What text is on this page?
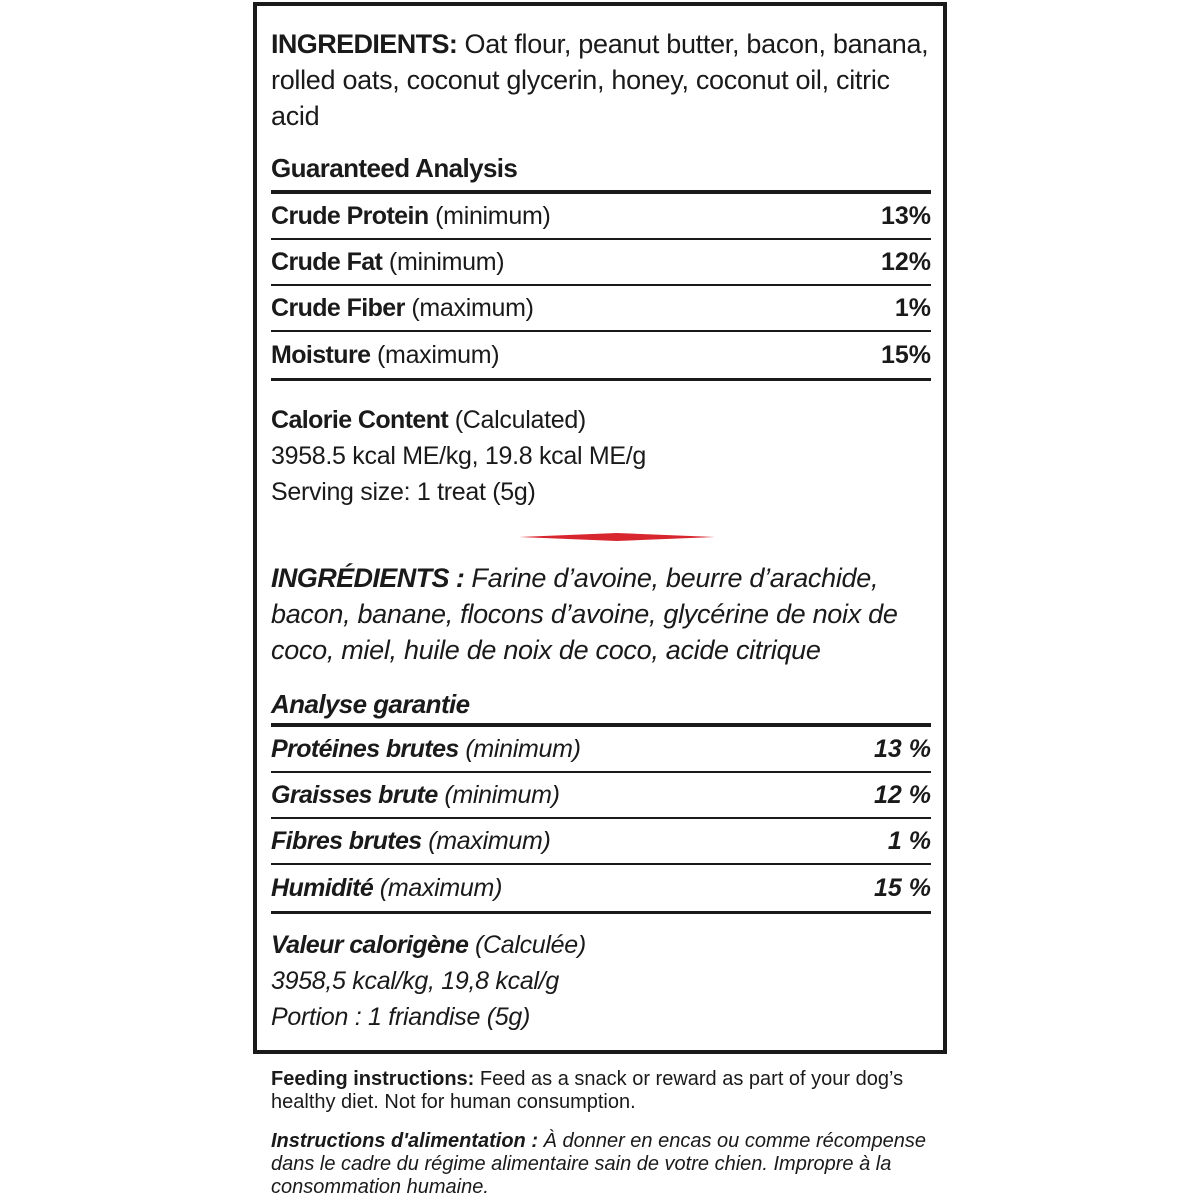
INGREDIENTS: Oat flour, peanut butter, bacon, banana, rolled oats, coconut glycerin, honey, coconut oil, citric acid
Guaranteed Analysis
Crude Protein (minimum)	13%
Crude Fat (minimum)	12%
Crude Fiber (maximum)	1%
Moisture (maximum)	15%
Calorie Content (Calculated)
3958.5 kcal ME/kg, 19.8 kcal ME/g
Serving size: 1 treat (5g)
INGRÉDIENTS : Farine d’avoine, beurre d’arachide, bacon, banane, flocons d’avoine, glycérine de noix de coco, miel, huile de noix de coco, acide citrique
Analyse garantie
Protéines brutes (minimum)	13 %
Graisses brute (minimum)	12 %
Fibres brutes (maximum)	1 %
Humidité (maximum)	15 %
Valeur calorigène (Calculée)
3958,5 kcal/kg, 19,8 kcal/g
Portion : 1 friandise (5g)
Feeding instructions: Feed as a snack or reward as part of your dog’s healthy diet. Not for human consumption.
Instructions d'alimentation : À donner en encas ou comme récompense dans le cadre du régime alimentaire sain de votre chien. Impropre à la consommation humaine.
